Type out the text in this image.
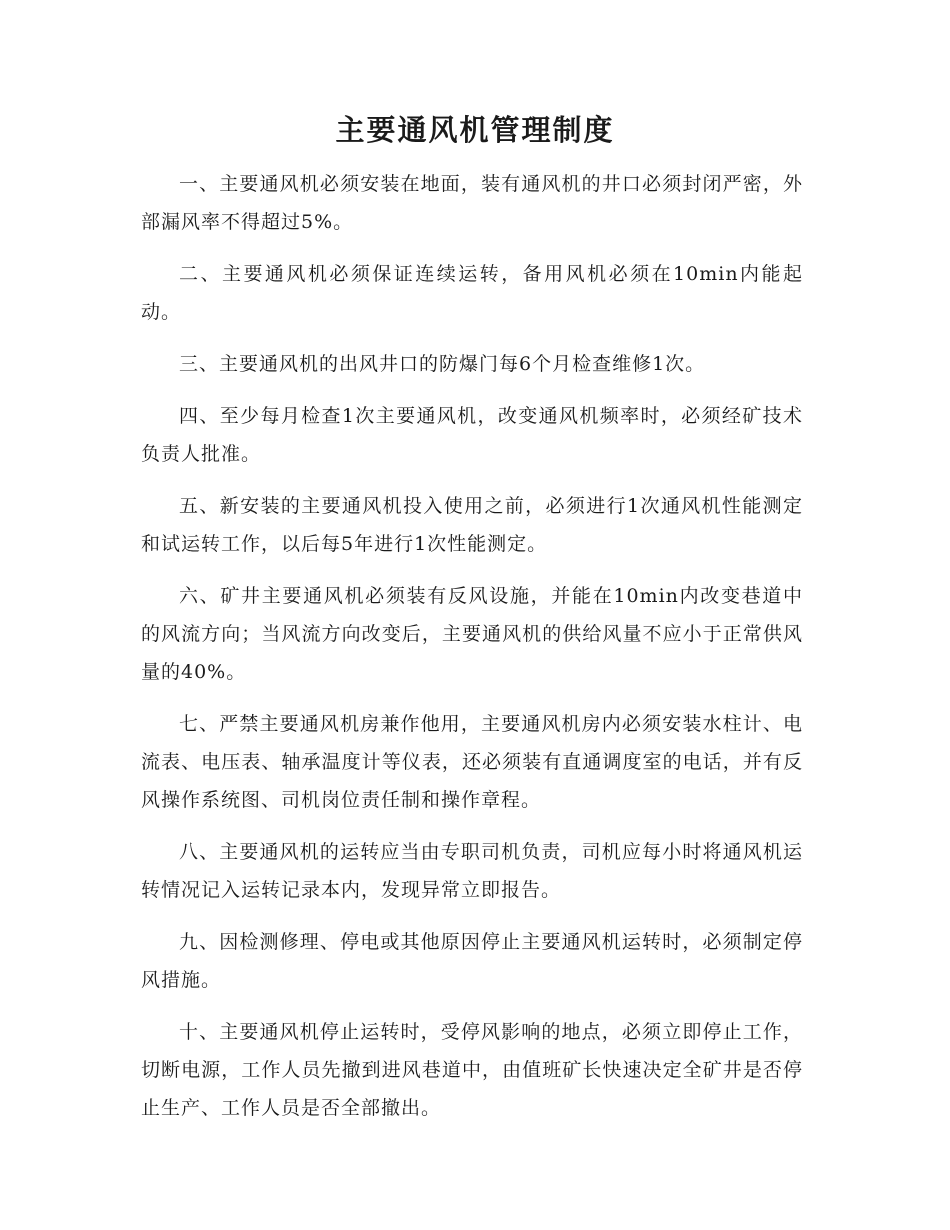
主要通风机管理制度

一、主要通风机必须安装在地面，装有通风机的井口必须封闭严密，外部漏风率不得超过5%。

二、主要通风机必须保证连续运转，备用风机必须在10min内能起动。

三、主要通风机的出风井口的防爆门每6个月检查维修1次。

四、至少每月检查1次主要通风机，改变通风机频率时，必须经矿技术负责人批准。

五、新安装的主要通风机投入使用之前，必须进行1次通风机性能测定和试运转工作，以后每5年进行1次性能测定。

六、矿井主要通风机必须装有反风设施，并能在10min内改变巷道中的风流方向；当风流方向改变后，主要通风机的供给风量不应小于正常供风量的40%。

七、严禁主要通风机房兼作他用，主要通风机房内必须安装水柱计、电流表、电压表、轴承温度计等仪表，还必须装有直通调度室的电话，并有反风操作系统图、司机岗位责任制和操作章程。

八、主要通风机的运转应当由专职司机负责，司机应每小时将通风机运转情况记入运转记录本内，发现异常立即报告。

九、因检测修理、停电或其他原因停止主要通风机运转时，必须制定停风措施。

十、主要通风机停止运转时，受停风影响的地点，必须立即停止工作，切断电源，工作人员先撤到进风巷道中，由值班矿长快速决定全矿井是否停止生产、工作人员是否全部撤出。
